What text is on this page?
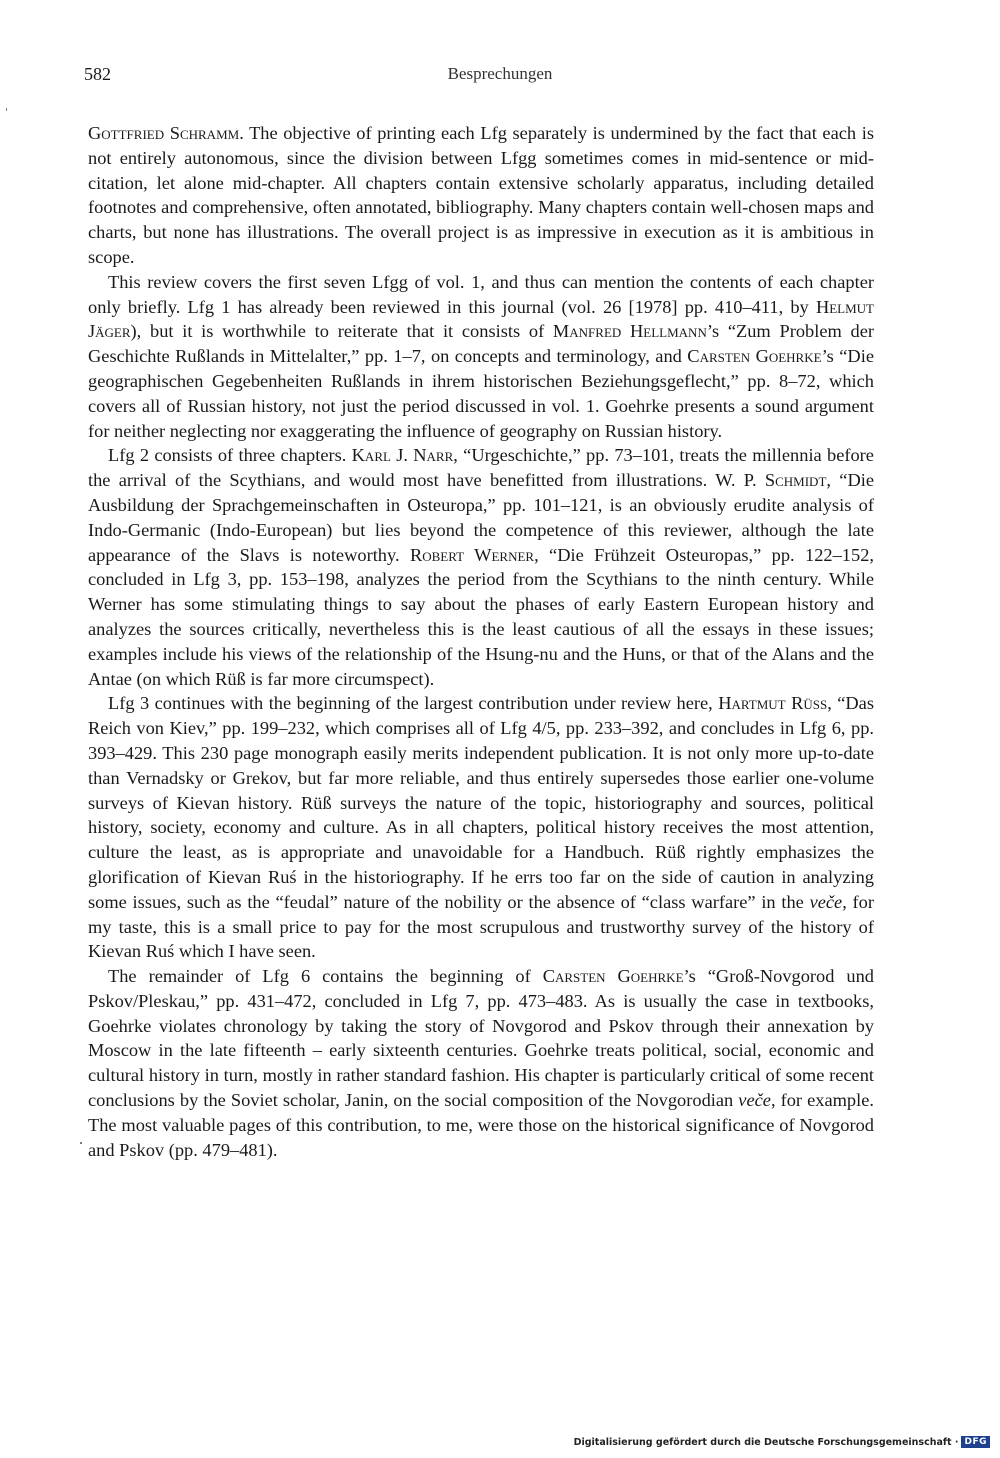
582	Besprechungen

Gottfried Schramm. The objective of printing each Lfg separately is undermined by the fact that each is not entirely autonomous, since the division between Lfgg sometimes comes in mid-sentence or mid-citation, let alone mid-chapter. All chapters contain extensive scholarly apparatus, including detailed footnotes and comprehensive, often annotated, bibliography. Many chapters contain well-chosen maps and charts, but none has illustrations. The overall project is as impressive in execution as it is ambitious in scope.

This review covers the first seven Lfgg of vol. 1, and thus can mention the contents of each chapter only briefly. Lfg 1 has already been reviewed in this journal (vol. 26 [1978] pp. 410–411, by Helmut Jäger), but it is worthwhile to reiterate that it consists of Manfred Hellmann’s “Zum Problem der Geschichte Rußlands in Mittelalter,” pp. 1–7, on concepts and terminology, and Carsten Goehrke’s “Die geographischen Gegebenheiten Rußlands in ihrem historischen Beziehungsgeflecht,” pp. 8–72, which covers all of Russian history, not just the period discussed in vol. 1. Goehrke presents a sound argument for neither neglecting nor exaggerating the influence of geography on Russian history.

Lfg 2 consists of three chapters. Karl J. Narr, “Urgeschichte,” pp. 73–101, treats the millennia before the arrival of the Scythians, and would most have benefitted from illustrations. W. P. Schmidt, “Die Ausbildung der Sprachgemeinschaften in Osteuropa,” pp. 101–121, is an obviously erudite analysis of Indo-Germanic (Indo-European) but lies beyond the competence of this reviewer, although the late appearance of the Slavs is noteworthy. Robert Werner, “Die Frühzeit Osteuropas,” pp. 122–152, concluded in Lfg 3, pp. 153–198, analyzes the period from the Scythians to the ninth century. While Werner has some stimulating things to say about the phases of early Eastern European history and analyzes the sources critically, nevertheless this is the least cautious of all the essays in these issues; examples include his views of the relationship of the Hsung-nu and the Huns, or that of the Alans and the Antae (on which Rüß is far more circumspect).

Lfg 3 continues with the beginning of the largest contribution under review here, Hartmut Rüss, “Das Reich von Kiev,” pp. 199–232, which comprises all of Lfg 4/5, pp. 233–392, and concludes in Lfg 6, pp. 393–429. This 230 page monograph easily merits independent publication. It is not only more up-to-date than Vernadsky or Grekov, but far more reliable, and thus entirely supersedes those earlier one-volume surveys of Kievan history. Rüß surveys the nature of the topic, historiography and sources, political history, society, economy and culture. As in all chapters, political history receives the most attention, culture the least, as is appropriate and unavoidable for a Handbuch. Rüß rightly emphasizes the glorification of Kievan Ruś in the historiography. If he errs too far on the side of caution in analyzing some issues, such as the “feudal” nature of the nobility or the absence of “class warfare” in the veče, for my taste, this is a small price to pay for the most scrupulous and trustworthy survey of the history of Kievan Ruś which I have seen.

The remainder of Lfg 6 contains the beginning of Carsten Goehrke’s “Groß-Novgorod und Pskov/Pleskau,” pp. 431–472, concluded in Lfg 7, pp. 473–483. As is usually the case in textbooks, Goehrke violates chronology by taking the story of Novgorod and Pskov through their annexation by Moscow in the late fifteenth – early sixteenth centuries. Goehrke treats political, social, economic and cultural history in turn, mostly in rather standard fashion. His chapter is particularly critical of some recent conclusions by the Soviet scholar, Janin, on the social composition of the Novgorodian veče, for example. The most valuable pages of this contribution, to me, were those on the historical significance of Novgorod and Pskov (pp. 479–481).

Digitalisierung gefördert durch die Deutsche Forschungsgemeinschaft · DFG
